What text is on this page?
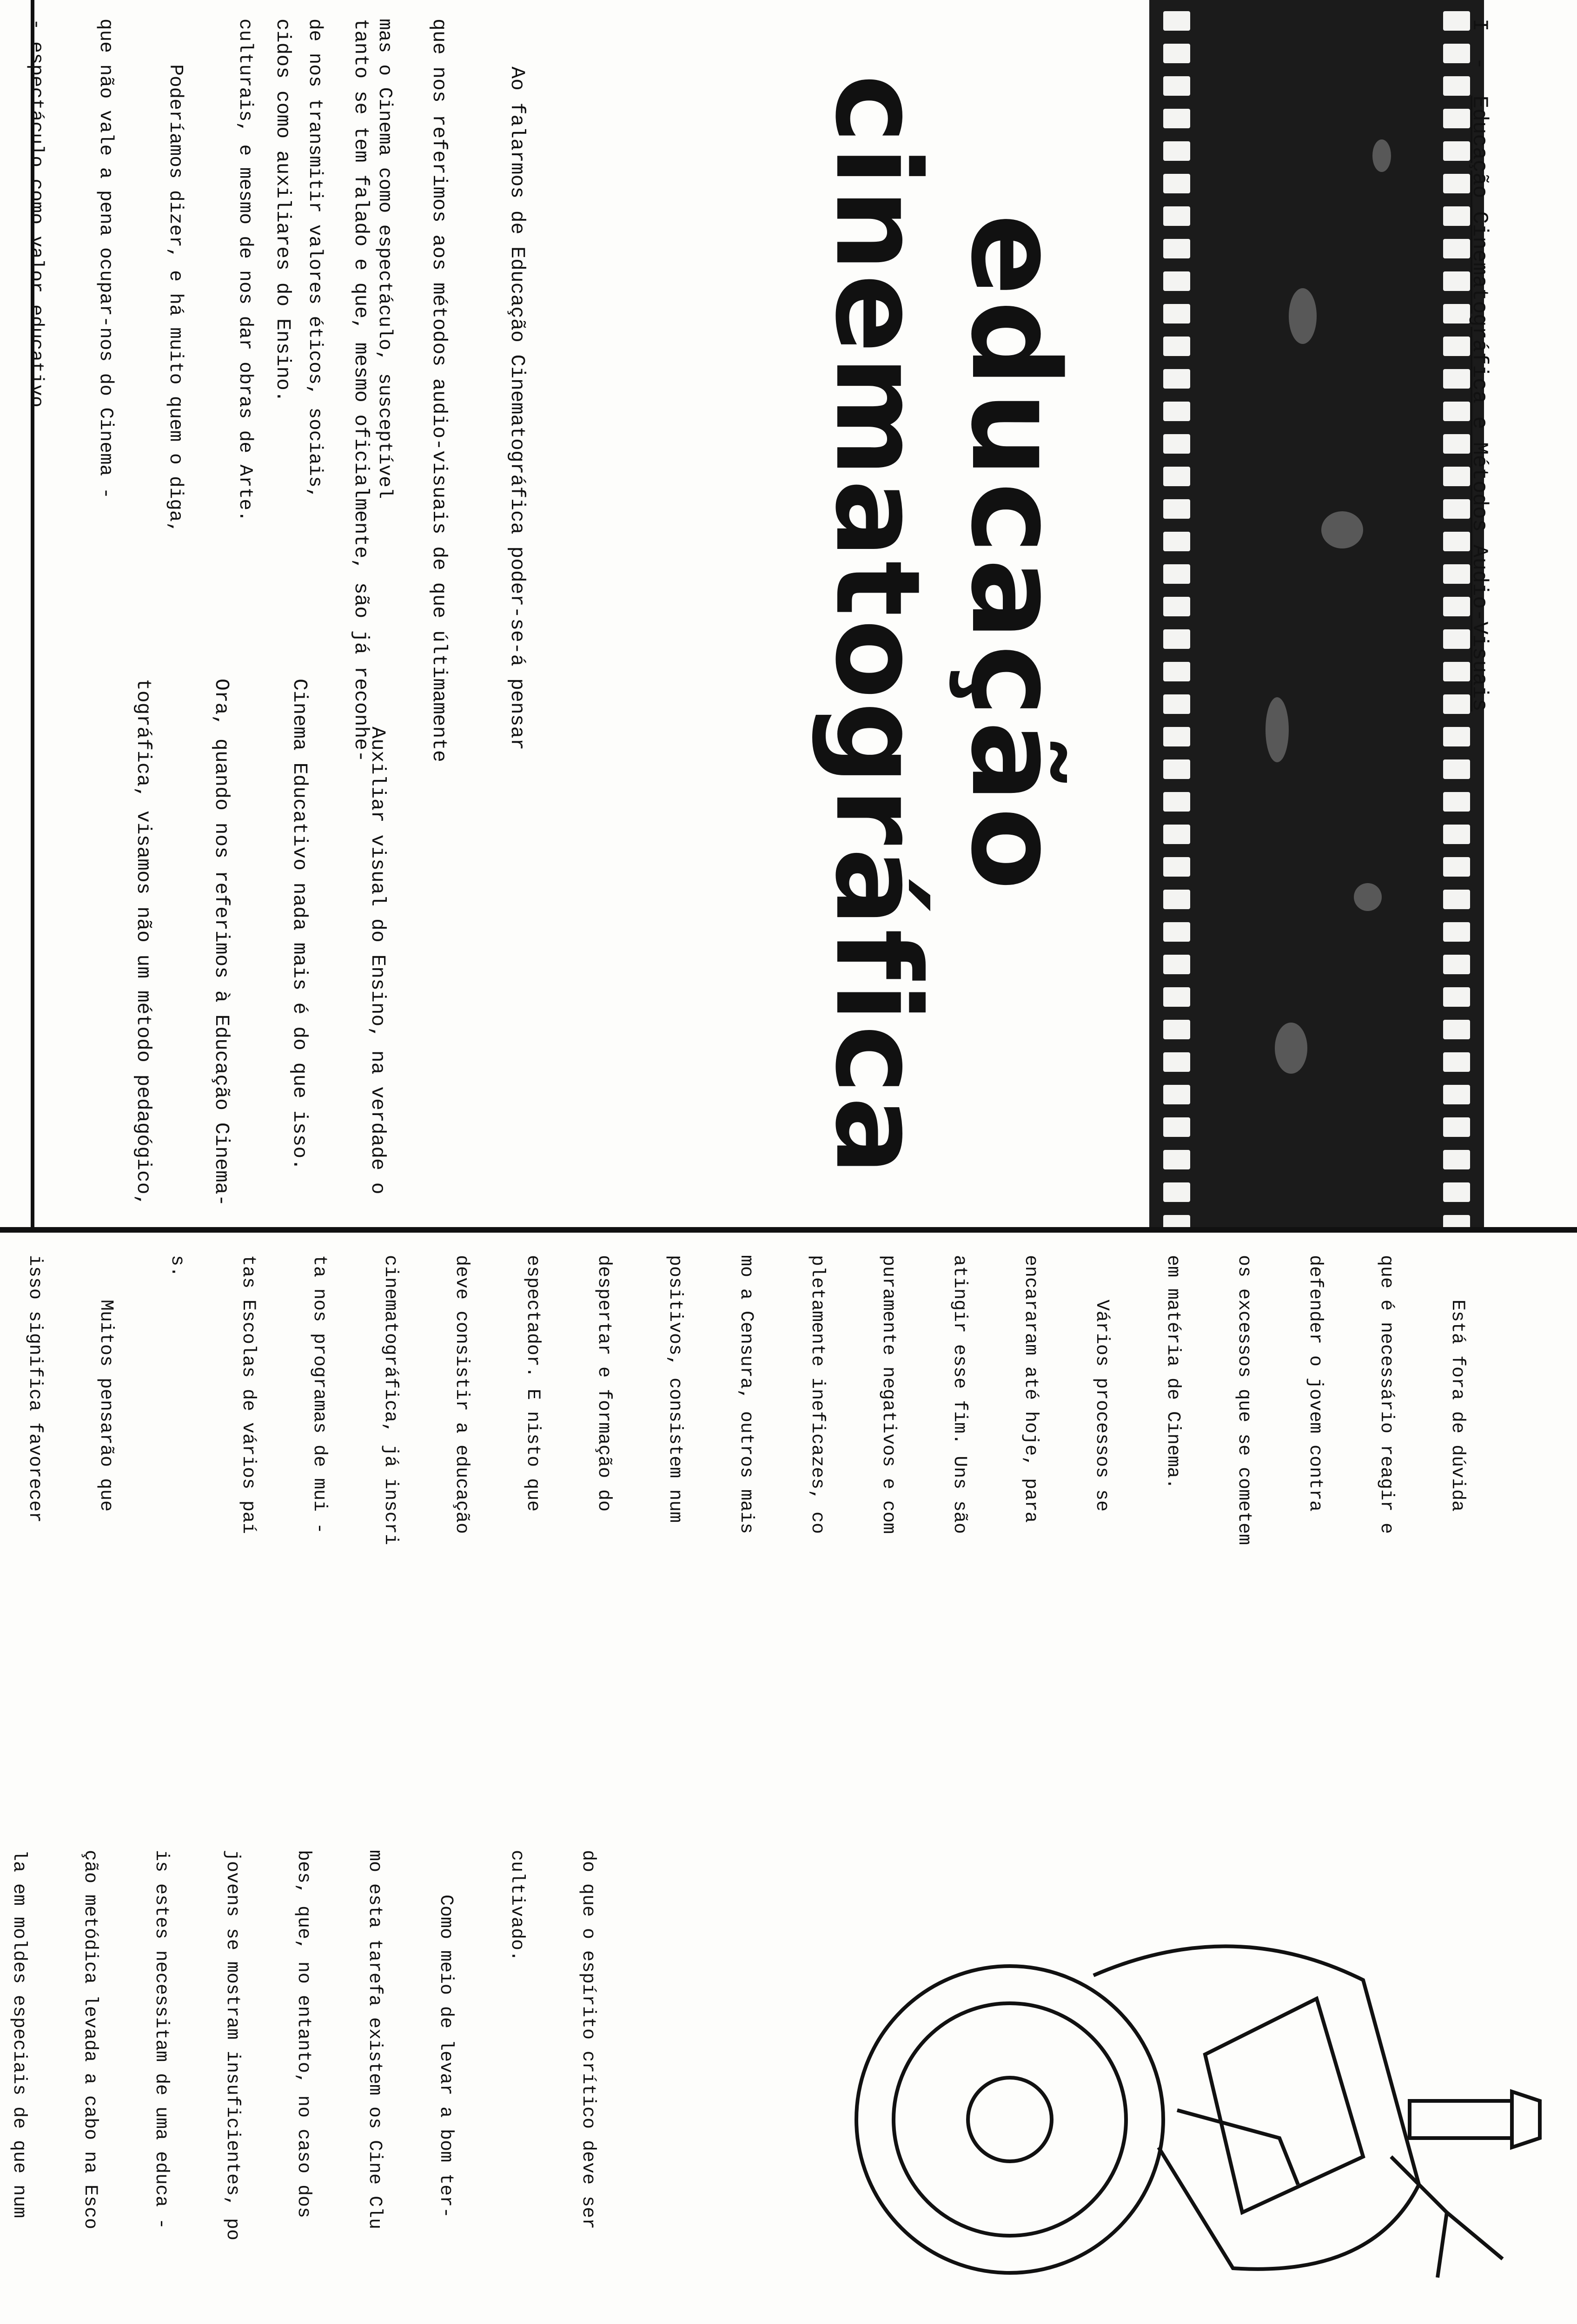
educação
cinematográfica

I  -  Educação Cinematográfica e Métodos Audio-Visuais

Ao falarmos de Educação Cinematográfica poder-se-á pensar

que nos referimos aos métodos audio-visuais de que últimamente

tanto se tem falado e que, mesmo oficialmente, são já reconhe-

cidos como auxiliares do Ensino.

Auxiliar visual do Ensino, na verdade o

Cinema Educativo nada mais é do que isso.

Ora, quando nos referimos à Educação Cinema-

tográfica, visamos não um método pedagógico,

mas o Cinema como espectáculo, susceptível

de nos transmitir valores éticos, sociais,

culturais, e mesmo de nos dar obras de Arte.

Poderíamos dizer, e há muito quem o diga,

que não vale a pena ocupar-nos do Cinema -

- espectáculo como valor educativo.

Está fora de dúvida

que é necessário reagir e

defender o jovem contra

os excessos que se cometem

em matéria de Cinema.

Vários processos se

encararam até hoje, para

atingir esse fim. Uns são

puramente negativos e com

pletamente ineficazes, co

mo a Censura, outros mais

positivos, consistem num

despertar e formação do

espectador. E nisto que

deve consistir a educação

cinematográfica, já inscri

ta nos programas de mui -

tas Escolas de vários paí

s.

Muitos pensarão que

isso significa favorecer

do que o espírito crítico deve ser

cultivado.

Como meio de levar a bom ter-

mo esta tarefa existem os Cine Clu

bes, que, no entanto, no caso dos

jovens se mostram insuficientes, po

is estes necessitam de uma educa -

ção metódica levada a cabo na Esco

la em moldes especiais de que num
